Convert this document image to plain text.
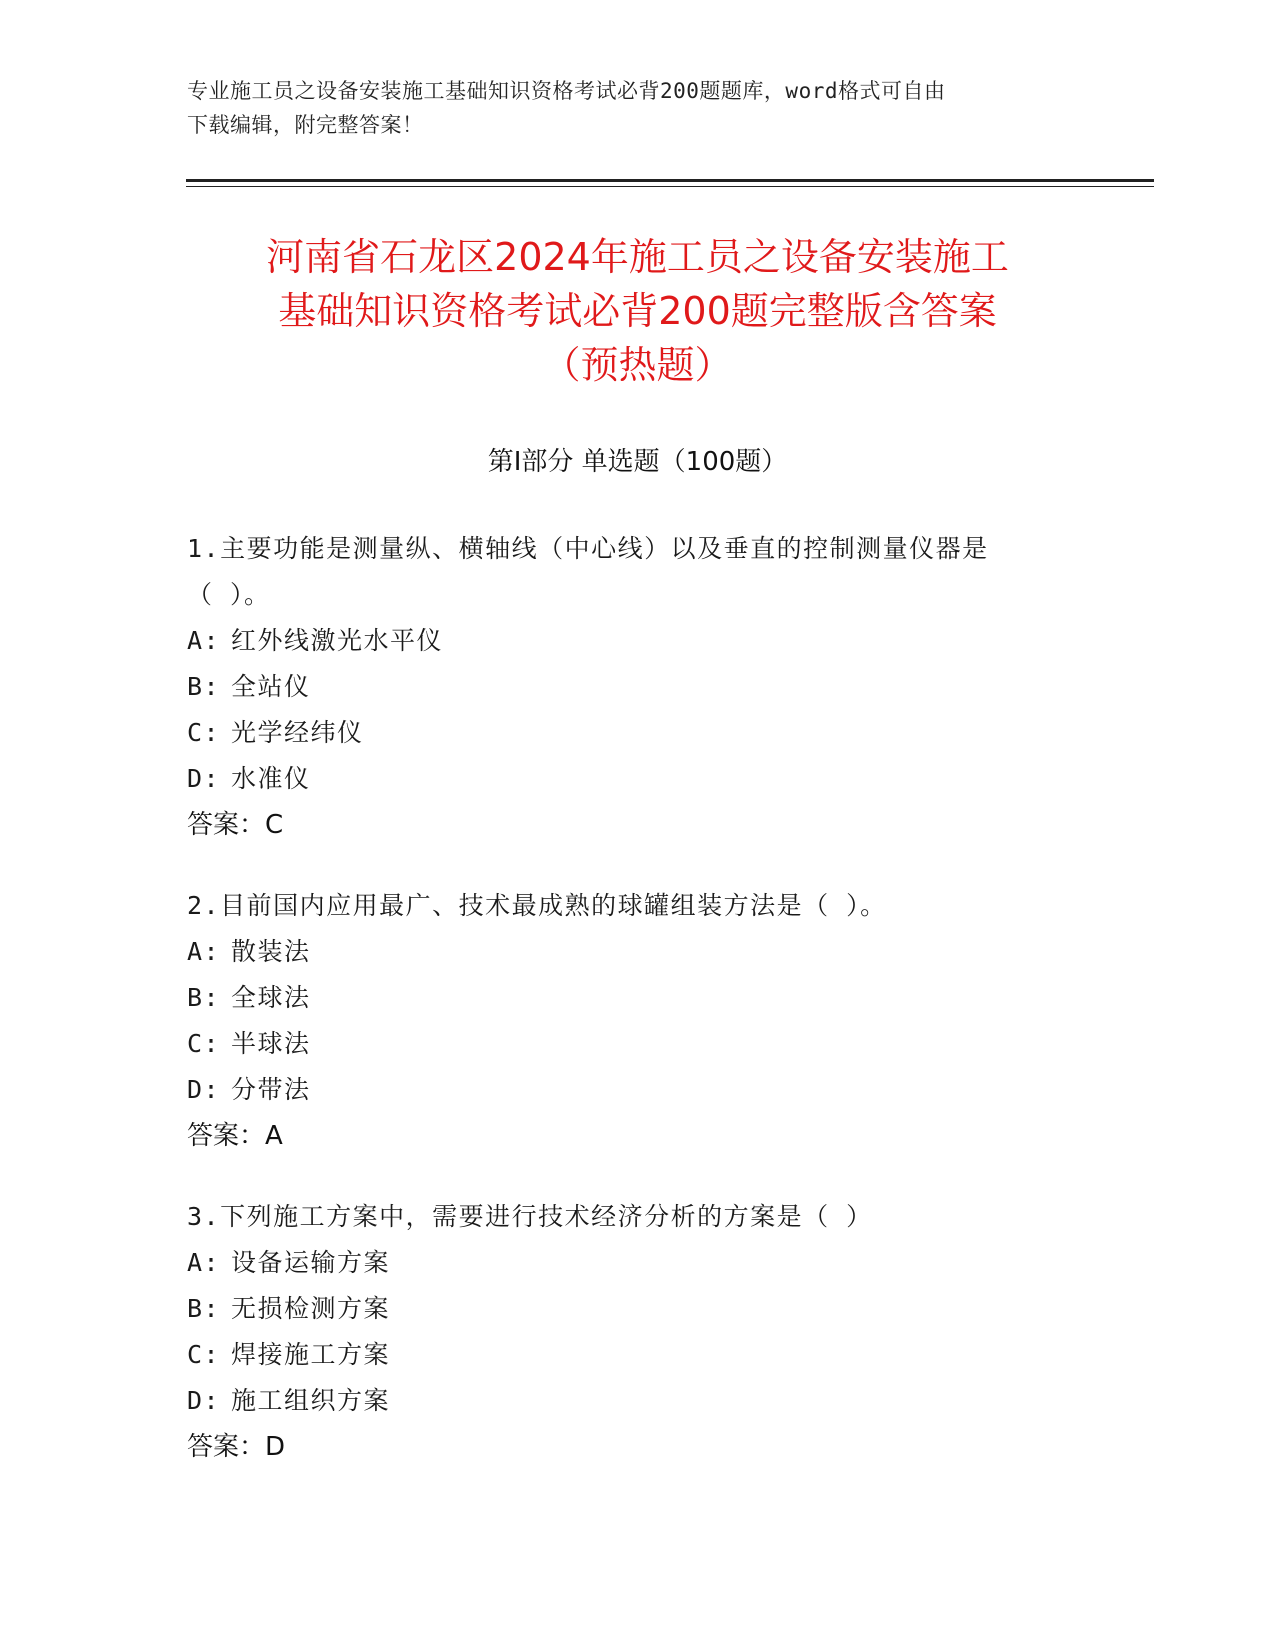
专业施工员之设备安装施工基础知识资格考试必背200题题库，word格式可自由
下载编辑，附完整答案！
河南省石龙区2024年施工员之设备安装施工
基础知识资格考试必背200题完整版含答案
（预热题）
第Ⅰ部分 单选题（100题）
1.主要功能是测量纵、横轴线（中心线）以及垂直的控制测量仪器是
（ ）。
A: 红外线激光水平仪
B: 全站仪
C: 光学经纬仪
D: 水准仪
答案：C
2.目前国内应用最广、技术最成熟的球罐组装方法是（ ）。
A: 散装法
B: 全球法
C: 半球法
D: 分带法
答案：A
3.下列施工方案中，需要进行技术经济分析的方案是（ ）
A: 设备运输方案
B: 无损检测方案
C: 焊接施工方案
D: 施工组织方案
答案：D
